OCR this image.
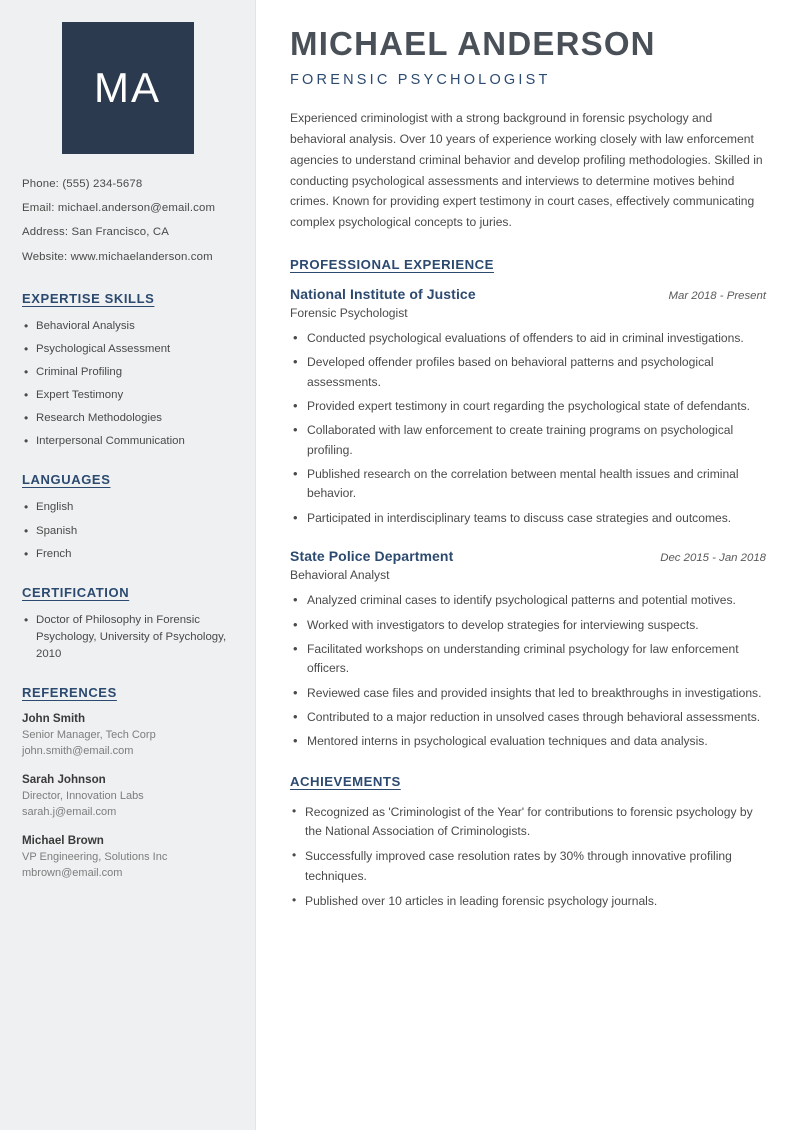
MA
Phone: (555) 234-5678
Email: michael.anderson@email.com
Address: San Francisco, CA
Website: www.michaelanderson.com
EXPERTISE SKILLS
• Behavioral Analysis
• Psychological Assessment
• Criminal Profiling
• Expert Testimony
• Research Methodologies
• Interpersonal Communication
LANGUAGES
• English
• Spanish
• French
CERTIFICATION
• Doctor of Philosophy in Forensic Psychology, University of Psychology, 2010
REFERENCES
John Smith
Senior Manager, Tech Corp
john.smith@email.com
Sarah Johnson
Director, Innovation Labs
sarah.j@email.com
Michael Brown
VP Engineering, Solutions Inc
mbrown@email.com
MICHAEL ANDERSON
FORENSIC PSYCHOLOGIST

Experienced criminologist with a strong background in forensic psychology and behavioral analysis. Over 10 years of experience working closely with law enforcement agencies to understand criminal behavior and develop profiling methodologies. Skilled in conducting psychological assessments and interviews to determine motives behind crimes. Known for providing expert testimony in court cases, effectively communicating complex psychological concepts to juries.

PROFESSIONAL EXPERIENCE
National Institute of Justice	Mar 2018 - Present
Forensic Psychologist
• Conducted psychological evaluations of offenders to aid in criminal investigations.
• Developed offender profiles based on behavioral patterns and psychological assessments.
• Provided expert testimony in court regarding the psychological state of defendants.
• Collaborated with law enforcement to create training programs on psychological profiling.
• Published research on the correlation between mental health issues and criminal behavior.
• Participated in interdisciplinary teams to discuss case strategies and outcomes.
State Police Department	Dec 2015 - Jan 2018
Behavioral Analyst
• Analyzed criminal cases to identify psychological patterns and potential motives.
• Worked with investigators to develop strategies for interviewing suspects.
• Facilitated workshops on understanding criminal psychology for law enforcement officers.
• Reviewed case files and provided insights that led to breakthroughs in investigations.
• Contributed to a major reduction in unsolved cases through behavioral assessments.
• Mentored interns in psychological evaluation techniques and data analysis.
ACHIEVEMENTS
• Recognized as 'Criminologist of the Year' for contributions to forensic psychology by the National Association of Criminologists.
• Successfully improved case resolution rates by 30% through innovative profiling techniques.
• Published over 10 articles in leading forensic psychology journals.
